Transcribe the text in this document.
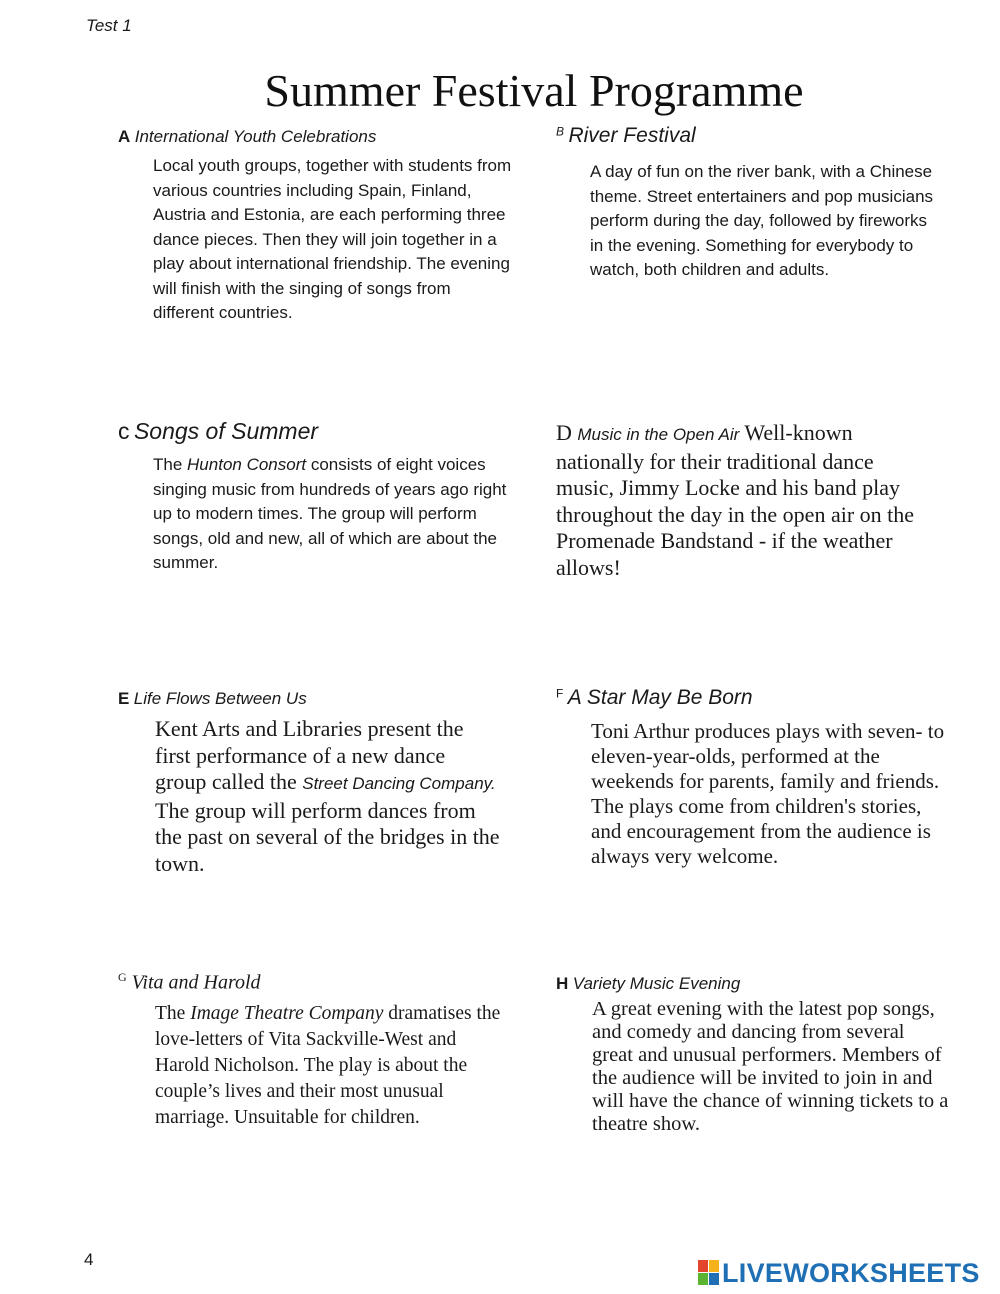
Test 1
Summer Festival Programme
A International Youth Celebrations
Local youth groups, together with students from various countries including Spain, Finland, Austria and Estonia, are each performing three dance pieces. Then they will join together in a play about international friendship. The evening will finish with the singing of songs from different countries.
$^B$ River Festival
A day of fun on the river bank, with a Chinese theme. Street entertainers and pop musicians perform during the day, followed by fireworks in the evening. Something for everybody to watch, both children and adults.
c Songs of Summer
The Hunton Consort consists of eight voices singing music from hundreds of years ago right up to modern times. The group will perform songs, old and new, all of which are about the summer.
D Music in the Open Air Well-known nationally for their traditional dance music, Jimmy Locke and his band play throughout the day in the open air on the Promenade Bandstand - if the weather allows!
E Life Flows Between Us
Kent Arts and Libraries present the first performance of a new dance group called the Street Dancing Company. The group will perform dances from the past on several of the bridges in the town.
$^F$ A Star May Be Born
Toni Arthur produces plays with seven- to eleven-year-olds, performed at the weekends for parents, family and friends. The plays come from children's stories, and encouragement from the audience is always very welcome.
$^G$ Vita and Harold
The Image Theatre Company dramatises the love-letters of Vita Sackville-West and Harold Nicholson. The play is about the couple’s lives and their most unusual marriage. Unsuitable for children.
H Variety Music Evening
A great evening with the latest pop songs, and comedy and dancing from several great and unusual performers. Members of the audience will be invited to join in and will have the chance of winning tickets to a theatre show.
4	LIVEWORKSHEETS
